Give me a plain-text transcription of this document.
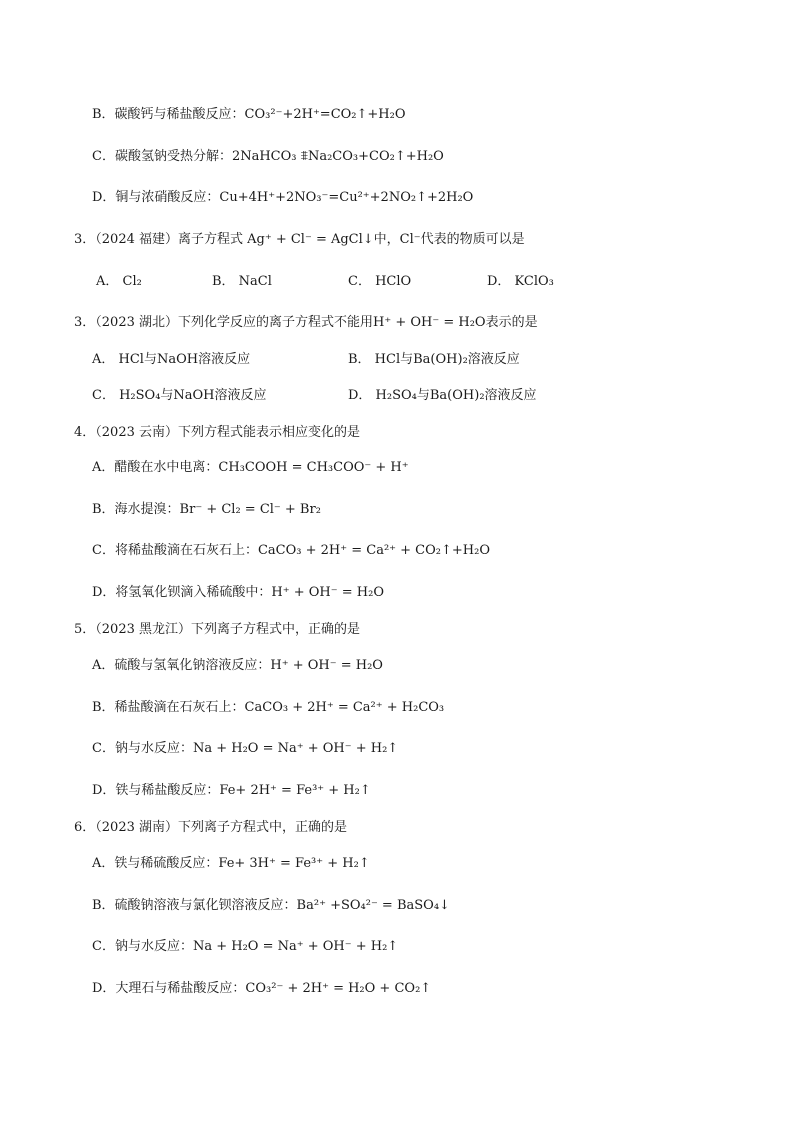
B．碳酸钙与稀盐酸反应：CO₃²⁻+2H⁺=CO₂↑+H₂O
C．碳酸氢钠受热分解：2NaHCO₃ ⩨Na₂CO₃+CO₂↑+H₂O
D．铜与浓硝酸反应：Cu+4H⁺+2NO₃⁻=Cu²⁺+2NO₂↑+2H₂O
3．（2024 福建）离子方程式 Ag⁺ + Cl⁻ = AgCl↓中，Cl⁻代表的物质可以是
A． Cl₂	B． NaCl	C． HClO	D． KClO₃
3．（2023 湖北）下列化学反应的离子方程式不能用H⁺ + OH⁻ = H₂O表示的是
A． HCl与NaOH溶液反应	B． HCl与Ba(OH)₂溶液反应
C． H₂SO₄与NaOH溶液反应	D． H₂SO₄与Ba(OH)₂溶液反应
4．（2023 云南）下列方程式能表示相应变化的是
A．醋酸在水中电离：CH₃COOH = CH₃COO⁻ + H⁺
B．海水提溴：Br⁻ + Cl₂ = Cl⁻ + Br₂
C．将稀盐酸滴在石灰石上：CaCO₃ + 2H⁺ = Ca²⁺ + CO₂↑+H₂O
D．将氢氧化钡滴入稀硫酸中：H⁺ + OH⁻ = H₂O
5．（2023 黑龙江）下列离子方程式中，正确的是
A．硫酸与氢氧化钠溶液反应：H⁺ + OH⁻ = H₂O
B．稀盐酸滴在石灰石上：CaCO₃ + 2H⁺ = Ca²⁺ + H₂CO₃
C．钠与水反应：Na + H₂O = Na⁺ + OH⁻ + H₂↑
D．铁与稀盐酸反应：Fe+ 2H⁺ = Fe³⁺ + H₂↑
6．（2023 湖南）下列离子方程式中，正确的是
A．铁与稀硫酸反应：Fe+ 3H⁺ = Fe³⁺ + H₂↑
B．硫酸钠溶液与氯化钡溶液反应：Ba²⁺ +SO₄²⁻ = BaSO₄↓
C．钠与水反应：Na + H₂O = Na⁺ + OH⁻ + H₂↑
D．大理石与稀盐酸反应：CO₃²⁻ + 2H⁺ = H₂O + CO₂↑
